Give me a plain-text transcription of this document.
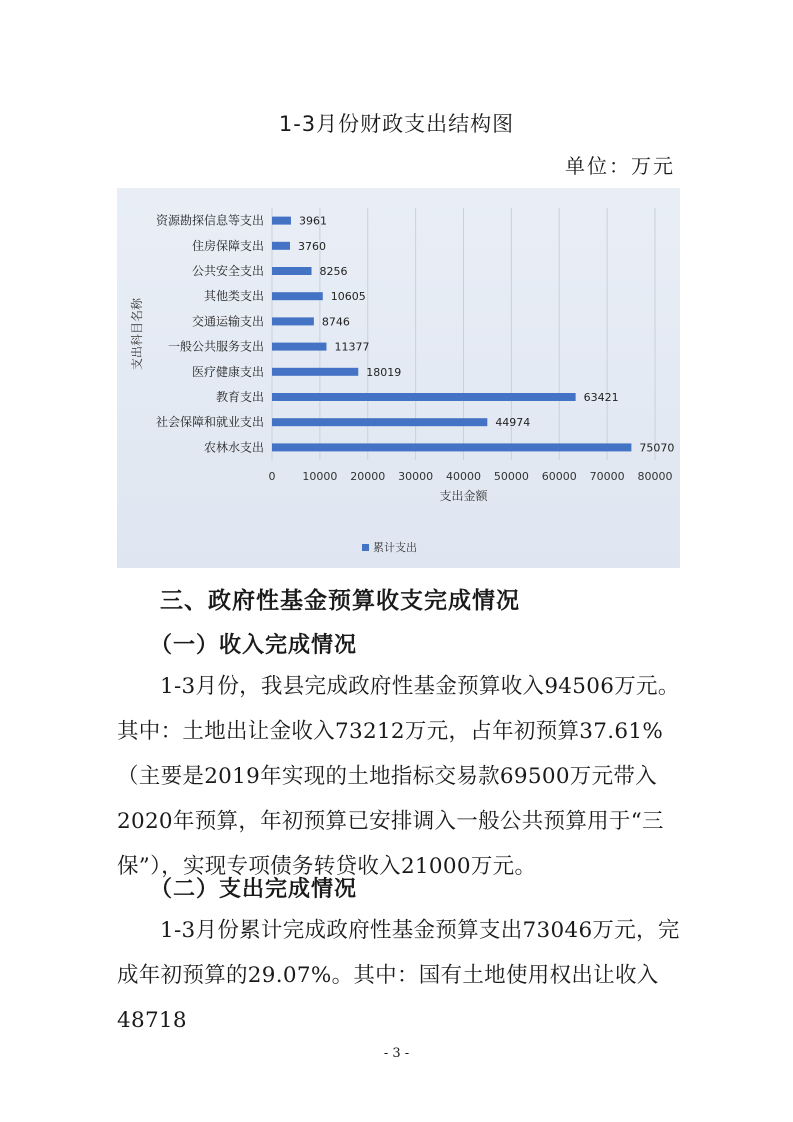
1-3月份财政支出结构图
单位：万元
0 10000 20000 30000 40000 50000 60000 70000 80000
资源勘探信息等支出	3961
住房保障支出	3760
公共安全支出	8256
其他类支出	10605
交通运输支出	8746
一般公共服务支出	11377
医疗健康支出	18019
教育支出	63421
社会保障和就业支出	44974
农林水支出	75070
支出金额
支出科目名称
累计支出
三、政府性基金预算收支完成情况
（一）收入完成情况
1-3月份，我县完成政府性基金预算收入94506万元。其中：土地出让金收入73212万元，占年初预算37.61%（主要是2019年实现的土地指标交易款69500万元带入2020年预算，年初预算已安排调入一般公共预算用于“三保”），实现专项债务转贷收入21000万元。
（二）支出完成情况
1-3月份累计完成政府性基金预算支出73046万元，完成年初预算的29.07%。其中：国有土地使用权出让收入48718
- 3 -
